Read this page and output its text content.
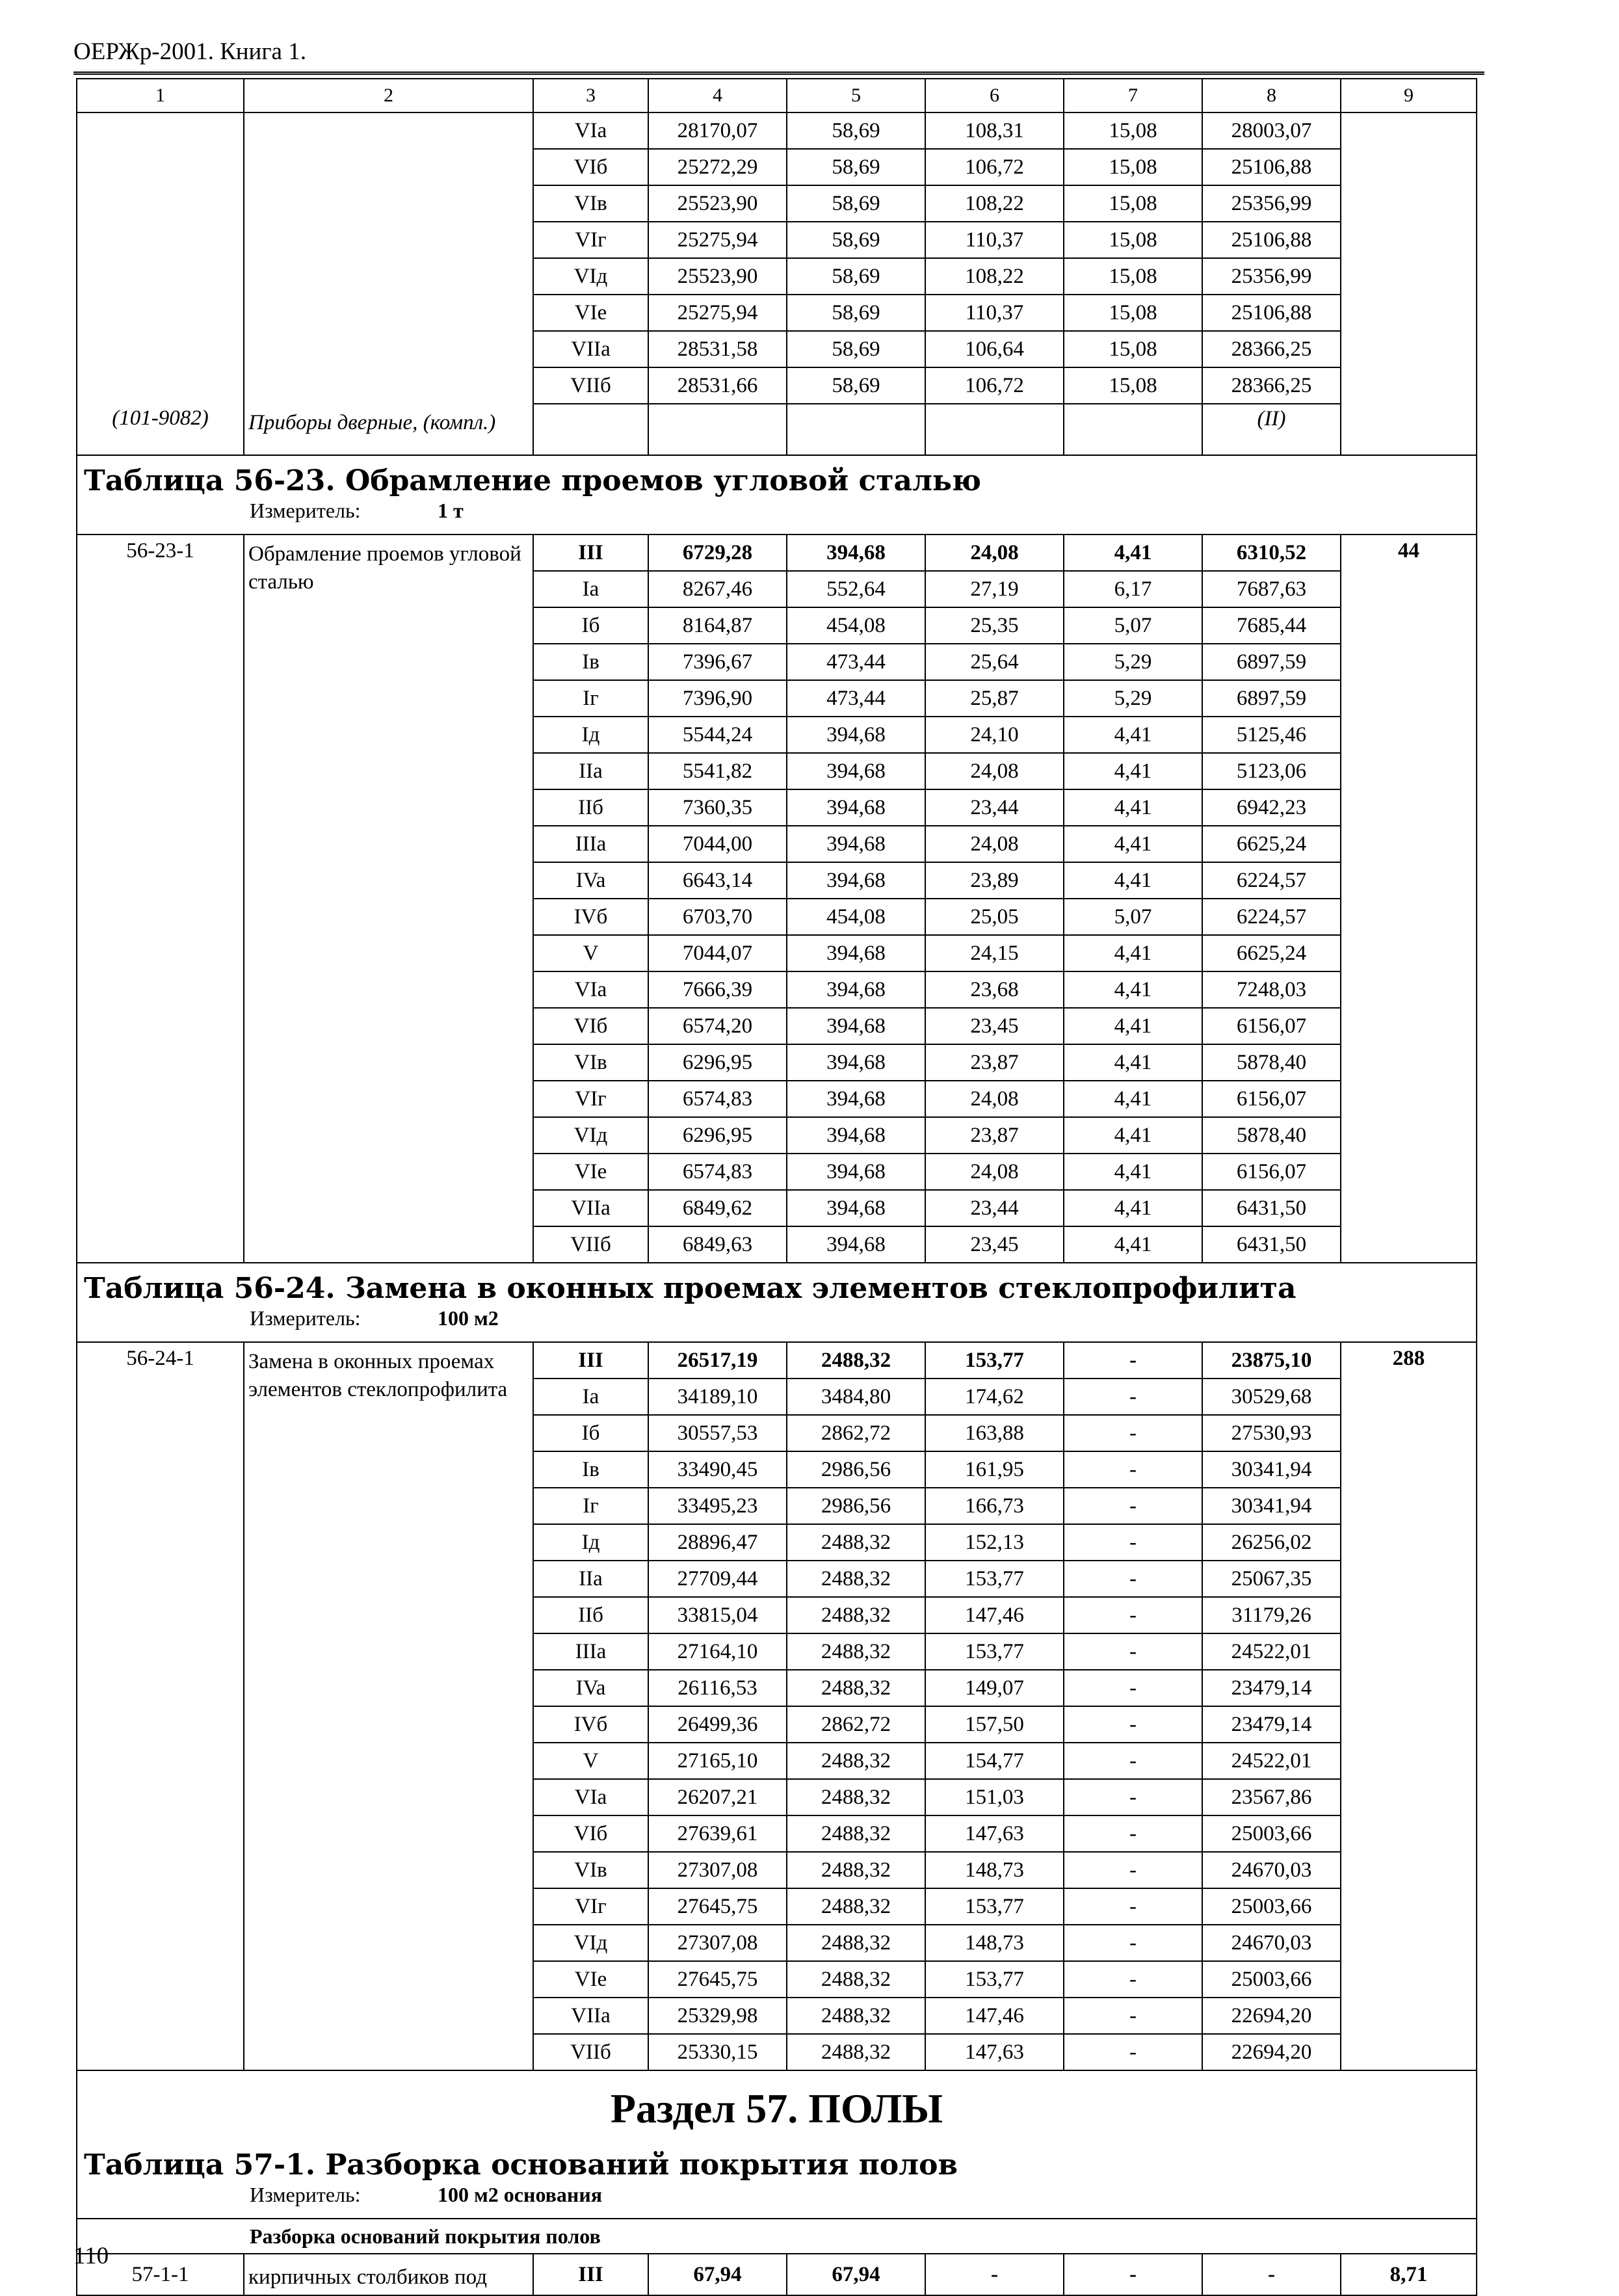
ОЕРЖр-2001. Книга 1.
1	2	3	4	5	6	7	8	9
		VIa	28170,07	58,69	108,31	15,08	28003,07	
		VIб	25272,29	58,69	106,72	15,08	25106,88	
		VIв	25523,90	58,69	108,22	15,08	25356,99	
		VIг	25275,94	58,69	110,37	15,08	25106,88	
		VIд	25523,90	58,69	108,22	15,08	25356,99	
		VIe	25275,94	58,69	110,37	15,08	25106,88	
		VIIa	28531,58	58,69	106,64	15,08	28366,25	
		VIIб	28531,66	58,69	106,72	15,08	28366,25	
(101-9082)	Приборы дверные, (компл.)						(II)	
Таблица 56-23. Обрамление проемов угловой сталью								
Измеритель: 1 т								
56-23-1	Обрамление проемов угловой сталью	III	6729,28	394,68	24,08	4,41	6310,52	44
		Ia	8267,46	552,64	27,19	6,17	7687,63	
		Iб	8164,87	454,08	25,35	5,07	7685,44	
		Iв	7396,67	473,44	25,64	5,29	6897,59	
		Iг	7396,90	473,44	25,87	5,29	6897,59	
		Iд	5544,24	394,68	24,10	4,41	5125,46	
		IIa	5541,82	394,68	24,08	4,41	5123,06	
		IIб	7360,35	394,68	23,44	4,41	6942,23	
		IIIa	7044,00	394,68	24,08	4,41	6625,24	
		IVa	6643,14	394,68	23,89	4,41	6224,57	
		IVб	6703,70	454,08	25,05	5,07	6224,57	
		V	7044,07	394,68	24,15	4,41	6625,24	
		VIa	7666,39	394,68	23,68	4,41	7248,03	
		VIб	6574,20	394,68	23,45	4,41	6156,07	
		VIв	6296,95	394,68	23,87	4,41	5878,40	
		VIг	6574,83	394,68	24,08	4,41	6156,07	
		VIд	6296,95	394,68	23,87	4,41	5878,40	
		VIe	6574,83	394,68	24,08	4,41	6156,07	
		VIIa	6849,62	394,68	23,44	4,41	6431,50	
		VIIб	6849,63	394,68	23,45	4,41	6431,50	
Таблица 56-24. Замена в оконных проемах элементов стеклопрофилита								
Измеритель: 100 м2								
56-24-1	Замена в оконных проемах элементов стеклопрофилита	III	26517,19	2488,32	153,77	-	23875,10	288
		Ia	34189,10	3484,80	174,62	-	30529,68	
		Iб	30557,53	2862,72	163,88	-	27530,93	
		Iв	33490,45	2986,56	161,95	-	30341,94	
		Iг	33495,23	2986,56	166,73	-	30341,94	
		Iд	28896,47	2488,32	152,13	-	26256,02	
		IIa	27709,44	2488,32	153,77	-	25067,35	
		IIб	33815,04	2488,32	147,46	-	31179,26	
		IIIa	27164,10	2488,32	153,77	-	24522,01	
		IVa	26116,53	2488,32	149,07	-	23479,14	
		IVб	26499,36	2862,72	157,50	-	23479,14	
		V	27165,10	2488,32	154,77	-	24522,01	
		VIa	26207,21	2488,32	151,03	-	23567,86	
		VIб	27639,61	2488,32	147,63	-	25003,66	
		VIв	27307,08	2488,32	148,73	-	24670,03	
		VIг	27645,75	2488,32	153,77	-	25003,66	
		VIд	27307,08	2488,32	148,73	-	24670,03	
		VIe	27645,75	2488,32	153,77	-	25003,66	
		VIIa	25329,98	2488,32	147,46	-	22694,20	
		VIIб	25330,15	2488,32	147,63	-	22694,20	
Раздел 57. ПОЛЫ								
Таблица 57-1. Разборка оснований покрытия полов								
Измеритель: 100 м2 основания								
Разборка оснований покрытия полов								
57-1-1	кирпичных столбиков под	III	67,94	67,94	-	-	-	8,71
110
